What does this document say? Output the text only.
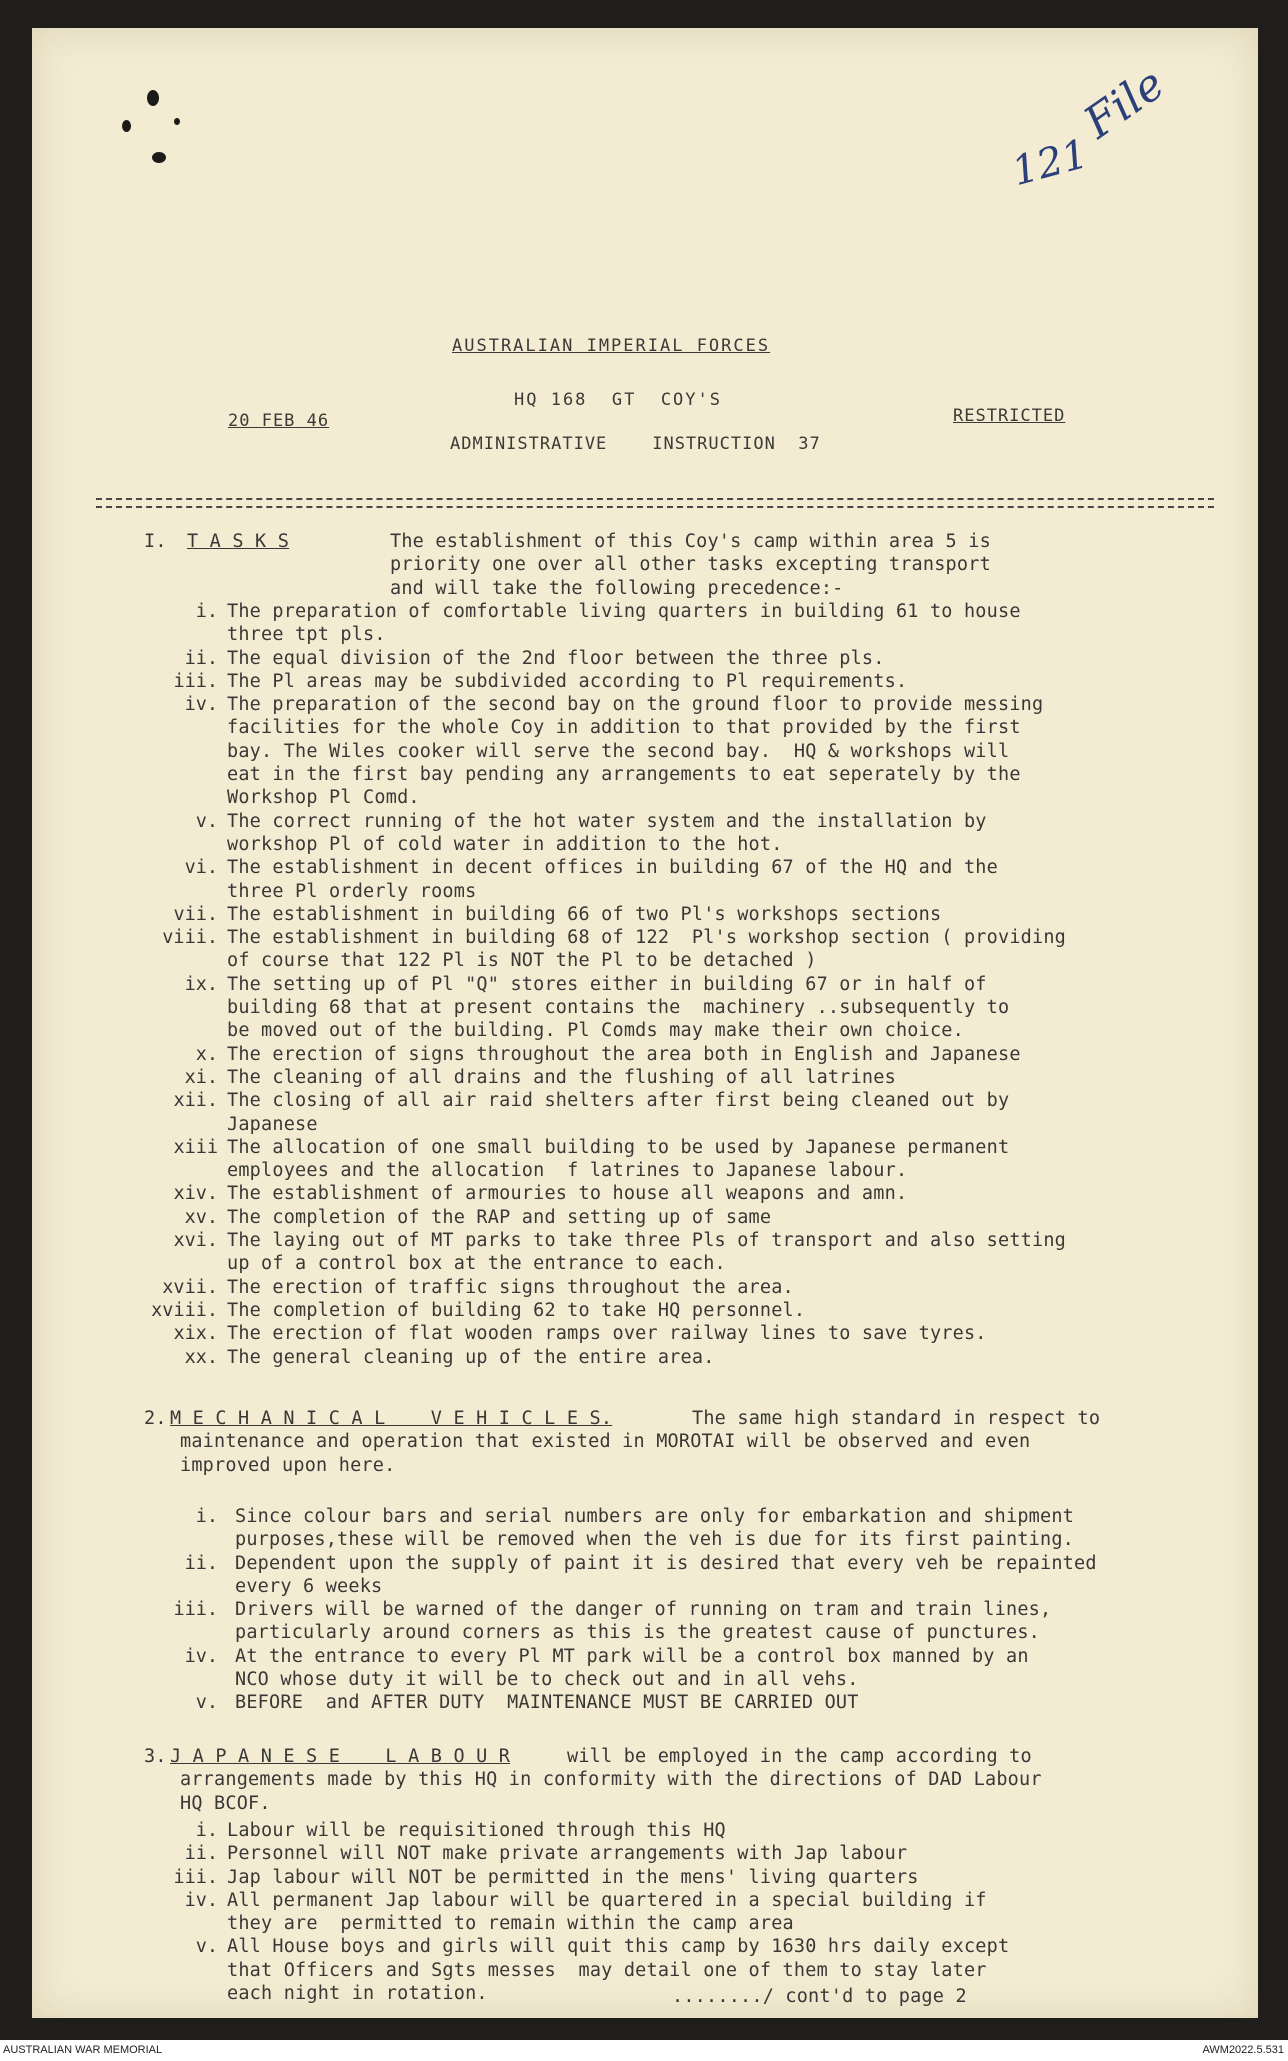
121
File
AUSTRALIAN IMPERIAL FORCES
HQ 168  GT  COY'S
20 FEB 46	RESTRICTED
ADMINISTRATIVE    INSTRUCTION  37
I. T A S K S	The establishment of this Coy's camp within area 5 is
priority one over all other tasks excepting transport
and will take the following precedence:-
i. The preparation of comfortable living quarters in building 61 to house
three tpt pls.
ii. The equal division of the 2nd floor between the three pls.
iii. The Pl areas may be subdivided according to Pl requirements.
iv. The preparation of the second bay on the ground floor to provide messing
facilities for the whole Coy in addition to that provided by the first
bay. The Wiles cooker will serve the second bay.  HQ & workshops will
eat in the first bay pending any arrangements to eat seperately by the
Workshop Pl Comd.
v. The correct running of the hot water system and the installation by
workshop Pl of cold water in addition to the hot.
vi. The establishment in decent offices in building 67 of the HQ and the
three Pl orderly rooms
vii. The establishment in building 66 of two Pl's workshops sections
viii. The establishment in building 68 of 122  Pl's workshop section ( providing
of course that 122 Pl is NOT the Pl to be detached )
ix. The setting up of Pl "Q" stores either in building 67 or in half of
building 68 that at present contains the  machinery ..subsequently to
be moved out of the building. Pl Comds may make their own choice.
x. The erection of signs throughout the area both in English and Japanese
xi. The cleaning of all drains and the flushing of all latrines
xii. The closing of all air raid shelters after first being cleaned out by
Japanese
xiii The allocation of one small building to be used by Japanese permanent
employees and the allocation  f latrines to Japanese labour.
xiv. The establishment of armouries to house all weapons and amn.
xv. The completion of the RAP and setting up of same
xvi. The laying out of MT parks to take three Pls of transport and also setting
up of a control box at the entrance to each.
xvii. The erection of traffic signs throughout the area.
xviii. The completion of building 62 to take HQ personnel.
xix. The erection of flat wooden ramps over railway lines to save tyres.
xx. The general cleaning up of the entire area.
2. M E C H A N I C A L    V E H I C L E S.	The same high standard in respect to
maintenance and operation that existed in MOROTAI will be observed and even
improved upon here.
i. Since colour bars and serial numbers are only for embarkation and shipment
purposes,these will be removed when the veh is due for its first painting.
ii. Dependent upon the supply of paint it is desired that every veh be repainted
every 6 weeks
iii. Drivers will be warned of the danger of running on tram and train lines,
particularly around corners as this is the greatest cause of punctures.
iv. At the entrance to every Pl MT park will be a control box manned by an
NCO whose duty it will be to check out and in all vehs.
v. BEFORE  and AFTER DUTY  MAINTENANCE MUST BE CARRIED OUT
3. J A P A N E S E    L A B O U R	will be employed in the camp according to
arrangements made by this HQ in conformity with the directions of DAD Labour
HQ BCOF.
i. Labour will be requisitioned through this HQ
ii. Personnel will NOT make private arrangements with Jap labour
iii. Jap labour will NOT be permitted in the mens' living quarters
iv. All permanent Jap labour will be quartered in a special building if
they are  permitted to remain within the camp area
v. All House boys and girls will quit this camp by 1630 hrs daily except
that Officers and Sgts messes  may detail one of them to stay later
each night in rotation.	......../ cont'd to page 2
AUSTRALIAN WAR MEMORIAL	AWM2022.5.531
